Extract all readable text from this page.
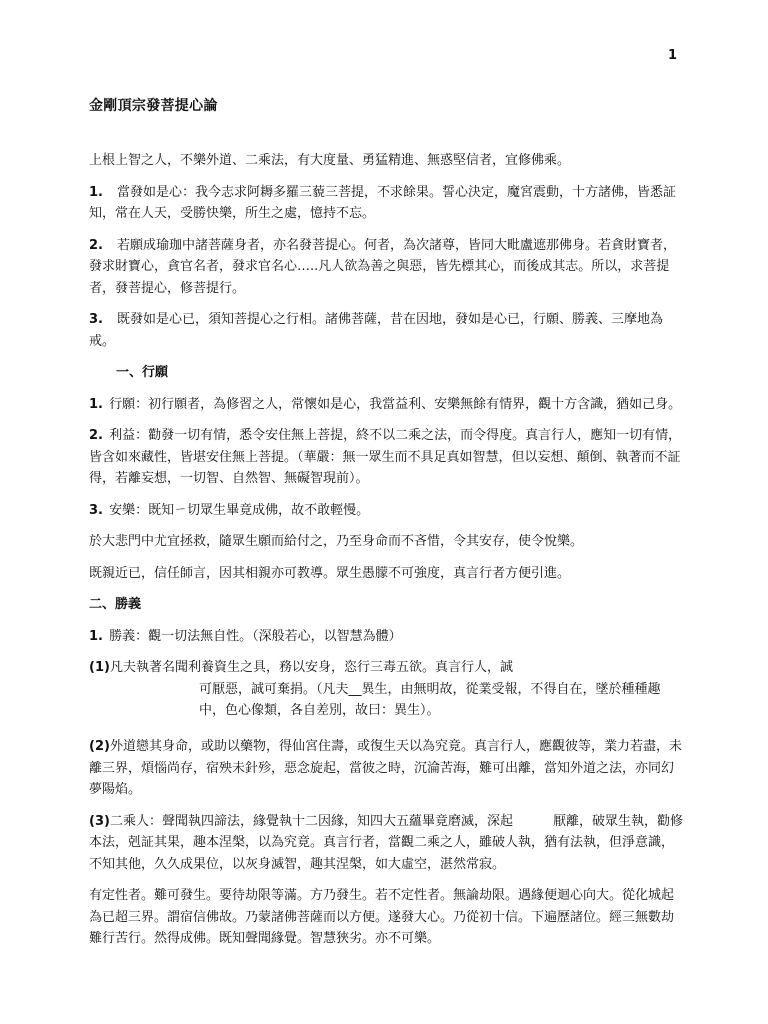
1
金剛頂宗發菩提心論

上根上智之人，不樂外道、二乘法，有大度量、勇猛精進、無惑堅信者，宜修佛乘。

1. 當發如是心：我今志求阿耨多羅三藐三菩提，不求餘果。誓心決定，魔宮震動，十方諸佛，皆悉証知，常在人天，受勝快樂，所生之處，憶持不忘。

2. 若願成瑜珈中諸菩薩身者，亦名發菩提心。何者，為次諸尊，皆同大毗盧遮那佛身。若貪財寶者，發求財寶心，貪官名者，發求官名心…..凡人欲為善之與惡，皆先標其心，而後成其志。所以，求菩提者，發菩提心，修菩提行。

3. 既發如是心已，須知菩提心之行相。諸佛菩薩，昔在因地，發如是心已，行願、勝義、三摩地為戒。

一、行願

1. 行願：初行願者，為修習之人，常懷如是心，我當益利、安樂無餘有情界，觀十方含識，猶如己身。

2. 利益：勸發一切有情，悉令安住無上菩提，終不以二乘之法，而令得度。真言行人，應知一切有情，皆含如來藏性，皆堪安住無上菩提。（華嚴：無一眾生而不具足真如智慧，但以妄想、顛倒、執著而不証得，若離妄想，一切智、自然智、無礙智現前）。

3. 安樂：既知ㄧ切眾生畢竟成佛，故不敢輕慢。

於大悲門中尤宜拯救，隨眾生願而給付之，乃至身命而不吝惜，令其安存，使令悅樂。

既親近已，信任師言，因其相親亦可教導。眾生愚朦不可強度，真言行者方便引進。

二、勝義

1. 勝義：觀一切法無自性。（深般若心，以智慧為體）

(1)凡夫執著名聞利養資生之具，務以安身，恣行三毒五欲。真言行人，誠
可厭惡，誠可棄捐。（凡夫__異生，由無明故，從業受報，不得自在，墜於種種趣中，色心像類，各自差別，故曰：異生）。

(2)外道戀其身命，或助以藥物，得仙宮住壽，或復生天以為究竟。真言行人，應觀彼等，業力若盡，未離三界，煩惱尚存，宿殃未針殄，惡念旋起，當彼之時，沉淪苦海，難可出離，當知外道之法，亦同幻夢陽焰。

(3)二乘人：聲聞執四諦法，緣覺執十二因緣，知四大五蘊畢竟磨滅，深起	厭離，破眾生執，勸修本法，剋証其果，趣本涅槃，以為究竟。真言行者，當觀二乘之人，雖破人執，猶有法執，但淨意識，不知其他，久久成果位，以灰身滅智，趣其涅槃，如大虛空，湛然常寂。

有定性者。難可發生。要待劫限等滿。方乃發生。若不定性者。無論劫限。遇緣便迴心向大。從化城起為已超三界。謂宿信佛故。乃蒙諸佛菩薩而以方便。遂發大心。乃從初十信。下遍歷諸位。經三無數劫難行苦行。然得成佛。既知聲聞緣覺。智慧狹劣。亦不可樂。
